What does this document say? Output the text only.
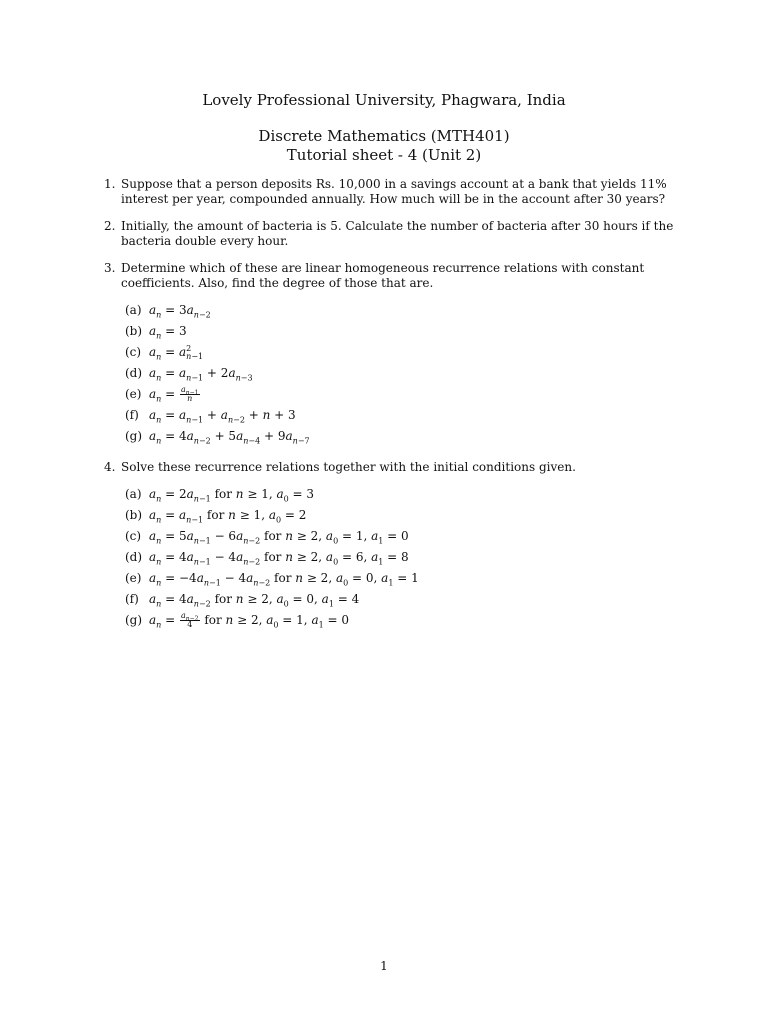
Lovely Professional University, Phagwara, India
Discrete Mathematics (MTH401)
Tutorial sheet - 4 (Unit 2)
1. Suppose that a person deposits Rs. 10,000 in a savings account at a bank that yields 11% interest per year, compounded annually. How much will be in the account after 30 years?
2. Initially, the amount of bacteria is 5. Calculate the number of bacteria after 30 hours if the bacteria double every hour.
3. Determine which of these are linear homogeneous recurrence relations with constant coefficients. Also, find the degree of those that are.
(a) $a_n = 3a_{n-2}$
(b) $a_n = 3$
(c) $a_n = a$ 2
n−1
(d) $a_n = a_{n-1} + 2a_{n-3}$
(e) $a_n = \frac{a_{n-1}}{n}$
(f) $a_n = a_{n-1} + a_{n-2} + n + 3$
(g) $a_n = 4a_{n-2} + 5a_{n-4} + 9a_{n-7}$
4. Solve these recurrence relations together with the initial conditions given.
(a) $a_n = 2a_{n-1}$ for n ≥ 1, $a_0 = 3$
(b) $a_n = a_{n-1}$ for n ≥ 1, $a_0 = 2$
(c) $a_n = 5a_{n-1} - 6a_{n-2}$ for n ≥ 2, $a_0 = 1$, $a_1 = 0$
(d) $a_n = 4a_{n-1} - 4a_{n-2}$ for n ≥ 2, $a_0 = 6$, $a_1 = 8$
(e) $a_n = -4a_{n-1} - 4a_{n-2}$ for n ≥ 2, $a_0 = 0$, $a_1 = 1$
(f) $a_n = 4a_{n-2}$ for n ≥ 2, $a_0 = 0$, $a_1 = 4$
(g) $a_n = \frac{a_{n-2}}{4}$ for n ≥ 2, $a_0 = 1$, $a_1 = 0$
1
